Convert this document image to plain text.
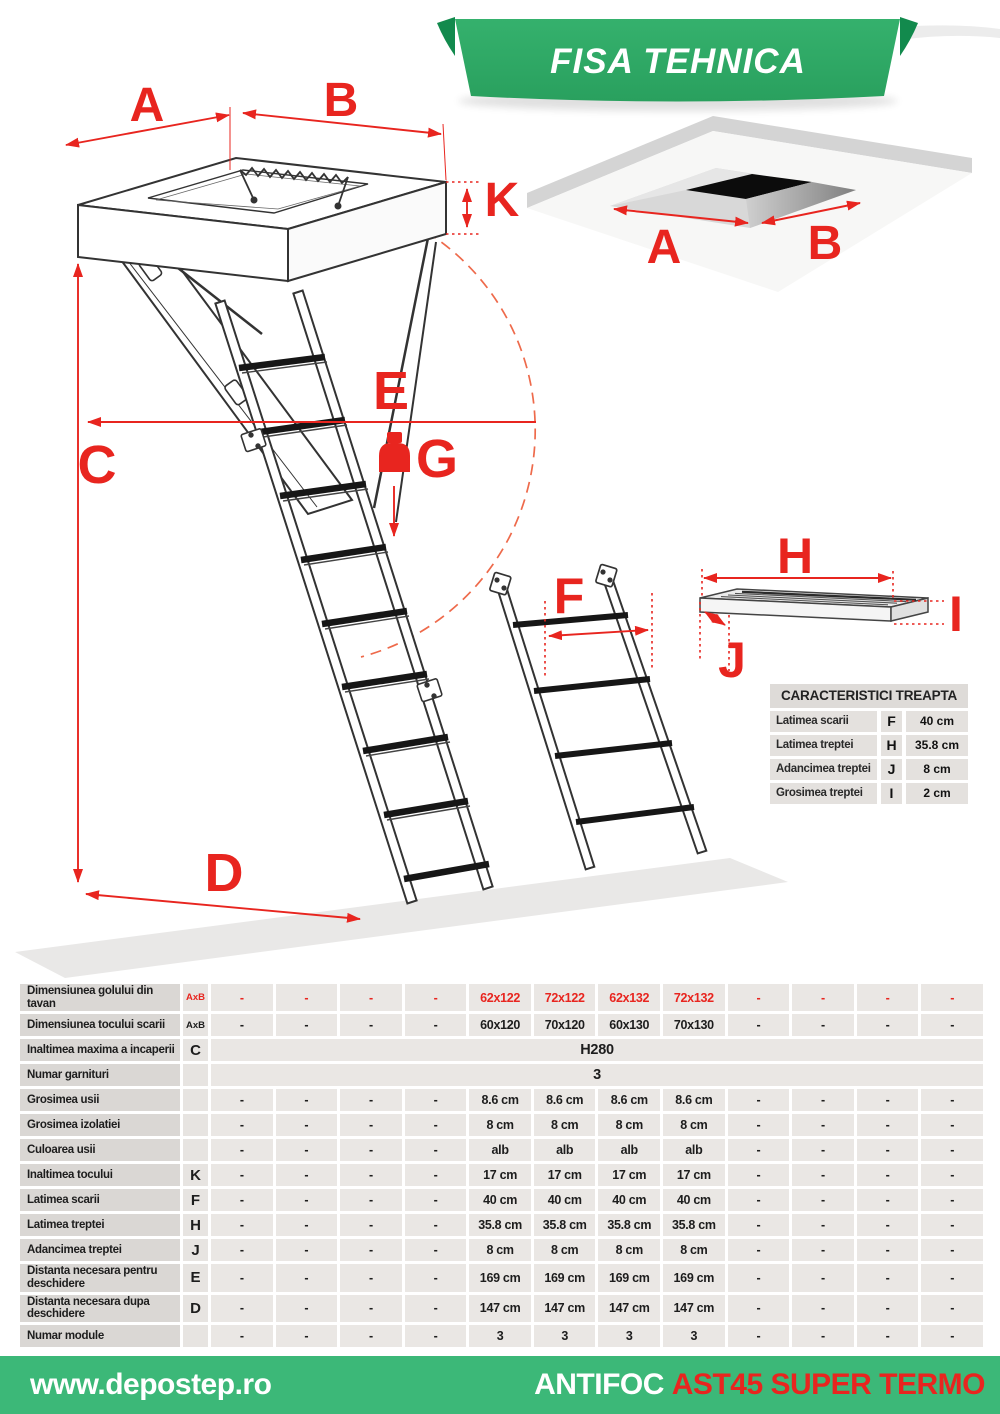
A	B
A	B
K
C
E
G
D
F
H
J
I
FISA TEHNICA
CARACTERISTICI TREAPTA
Latimea scarii	F	40 cm
Latimea treptei	H	35.8 cm
Adancimea treptei	J	8 cm
Grosimea treptei	I	2 cm
Dimensiunea golului din tavan	AxB	-	-	-	-	62x122	72x122	62x132	72x132	-	-	-	-
Dimensiunea tocului scarii	AxB	-	-	-	-	60x120	70x120	60x130	70x130	-	-	-	-
Inaltimea maxima a incaperii	C	H280											
Numar garnituri		3											
Grosimea usii		-	-	-	-	8.6 cm	8.6 cm	8.6 cm	8.6 cm	-	-	-	-
Grosimea izolatiei		-	-	-	-	8 cm	8 cm	8 cm	8 cm	-	-	-	-
Culoarea usii		-	-	-	-	alb	alb	alb	alb	-	-	-	-
Inaltimea tocului	K	-	-	-	-	17 cm	17 cm	17 cm	17 cm	-	-	-	-
Latimea scarii	F	-	-	-	-	40 cm	40 cm	40 cm	40 cm	-	-	-	-
Latimea treptei	H	-	-	-	-	35.8 cm	35.8 cm	35.8 cm	35.8 cm	-	-	-	-
Adancimea treptei	J	-	-	-	-	8 cm	8 cm	8 cm	8 cm	-	-	-	-
Distanta necesara pentru deschidere	E	-	-	-	-	169 cm	169 cm	169 cm	169 cm	-	-	-	-
Distanta necesara dupa deschidere	D	-	-	-	-	147 cm	147 cm	147 cm	147 cm	-	-	-	-
Numar module		-	-	-	-	3	3	3	3	-	-	-	-
www.depostep.ro	ANTIFOC AST45 SUPER TERMO
